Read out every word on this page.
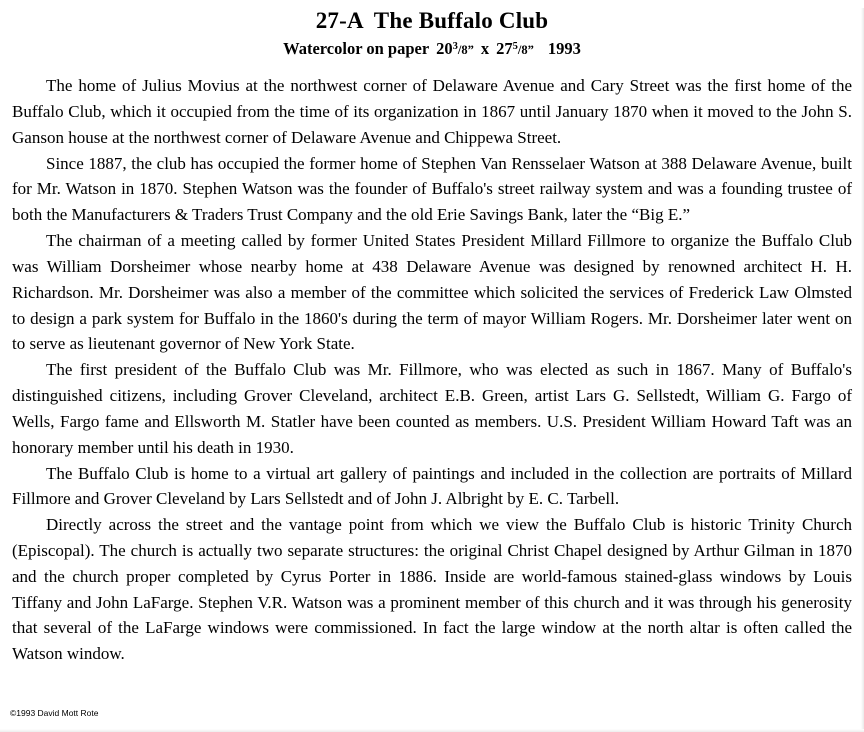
27-A The Buffalo Club
Watercolor on paper $20^3/8$” x $27^5/8$” 1993

The home of Julius Movius at the northwest corner of Delaware Avenue and Cary Street was the first home of the Buffalo Club, which it occupied from the time of its organization in 1867 until January 1870 when it moved to the John S. Ganson house at the northwest corner of Delaware Avenue and Chippewa Street.

Since 1887, the club has occupied the former home of Stephen Van Rensselaer Watson at 388 Delaware Avenue, built for Mr. Watson in 1870. Stephen Watson was the founder of Buffalo's street railway system and was a founding trustee of both the Manufacturers & Traders Trust Company and the old Erie Savings Bank, later the “Big E.”

The chairman of a meeting called by former United States President Millard Fillmore to organize the Buffalo Club was William Dorsheimer whose nearby home at 438 Delaware Avenue was designed by renowned architect H. H. Richardson. Mr. Dorsheimer was also a member of the committee which solicited the services of Frederick Law Olmsted to design a park system for Buffalo in the 1860's during the term of mayor William Rogers. Mr. Dorsheimer later went on to serve as lieutenant governor of New York State.

The first president of the Buffalo Club was Mr. Fillmore, who was elected as such in 1867. Many of Buffalo's distinguished citizens, including Grover Cleveland, architect E.B. Green, artist Lars G. Sellstedt, William G. Fargo of Wells, Fargo fame and Ellsworth M. Statler have been counted as members. U.S. President William Howard Taft was an honorary member until his death in 1930.

The Buffalo Club is home to a virtual art gallery of paintings and included in the collection are portraits of Millard Fillmore and Grover Cleveland by Lars Sellstedt and of John J. Albright by E. C. Tarbell.

Directly across the street and the vantage point from which we view the Buffalo Club is historic Trinity Church (Episcopal). The church is actually two separate structures: the original Christ Chapel designed by Arthur Gilman in 1870 and the church proper completed by Cyrus Porter in 1886. Inside are world-famous stained-glass windows by Louis Tiffany and John LaFarge. Stephen V.R. Watson was a prominent member of this church and it was through his generosity that several of the LaFarge windows were commissioned. In fact the large window at the north altar is often called the Watson window.

©1993 David Mott Rote
